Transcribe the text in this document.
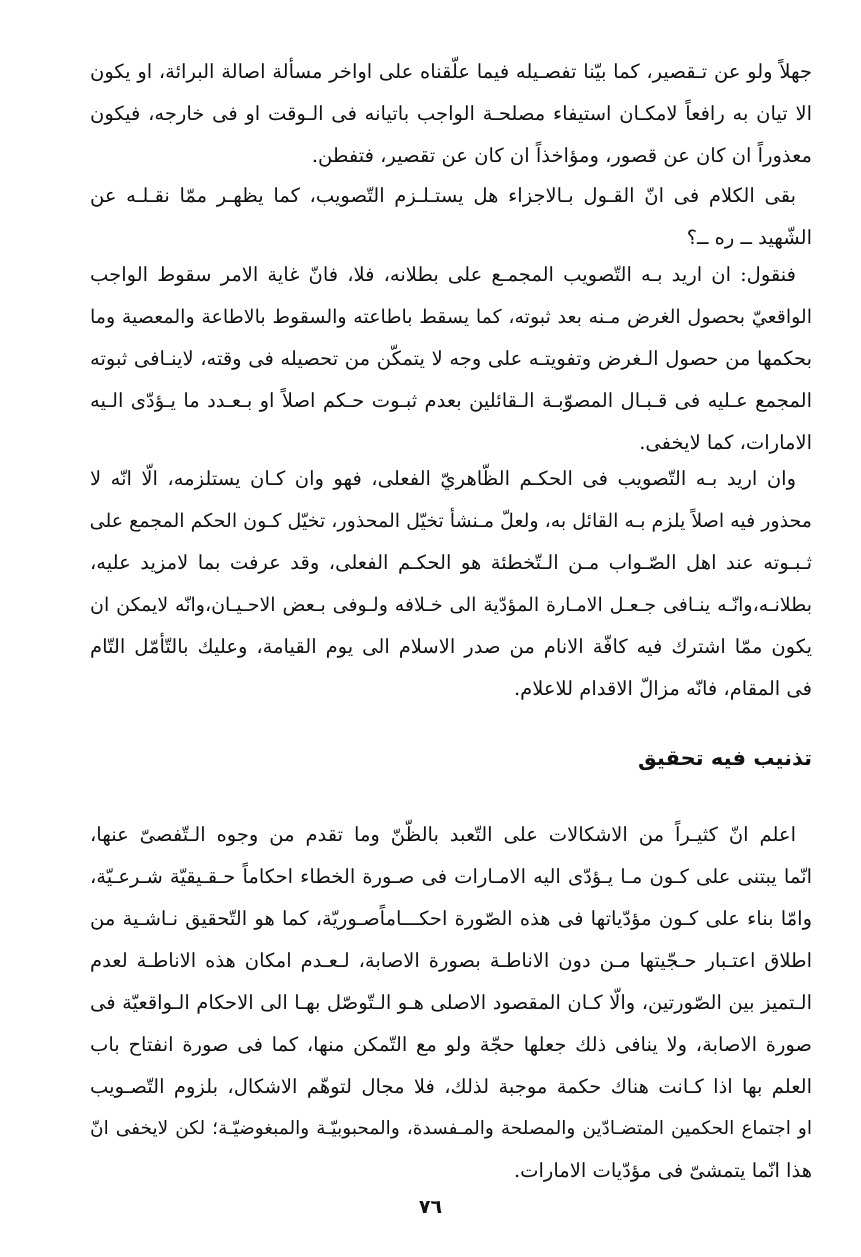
جهلاً ولو عن تـقصير، كما بيّنا تفصـيله فيما علّقناه على اواخر مسألة اصالة البرائة، او يكون
الا تيان به رافعاً لامكـان استيفاء مصلحـة الواجب باتيانه فى الـوقت او فى خارجه، فيكون
معذوراً ان كان عن قصور، ومؤاخذاً ان كان عن تقصير، فتفطن.
بقى الكلام فى انّ القـول بـالاجزاء هل يستـلـزم التّصويب، كما يظهـر ممّا نقـلـه عن
الشّهيد ــ ره ــ؟
فنقول: ان اريد بـه التّصويب المجمـع على بطلانه، فلا، فانّ غاية الامر سقوط الواجب
الواقعيّ بحصول الغرض مـنه بعد ثبوته، كما يسقط باطاعته والسقوط بالاطاعة والمعصية وما
بحكمها من حصول الـغرض وتفويتـه على وجه لا يتمكّن من تحصيله فى وقته، لاينـافى ثبوته
المجمع عـليه فى قـبـال المصوّبـة الـقائلين بعدم ثبـوت حـكم اصلاً او بـعـدد ما يـؤدّى الـيه
الامارات، كما لايخفى.
وان اريد بـه التّصويب فى الحكـم الظّاهريّ الفعلى، فهو وان كـان يستلزمه، الّا انّه لا
محذور فيه اصلاً يلزم بـه القائل به، ولعلّ مـنشأ تخيّل المحذور، تخيّل كـون الحكم المجمع على
ثـبـوته عند اهل الصّـواب مـن الـتّخطئة هو الحكـم الفعلى، وقد عرفت بما لامزيد عليه،
بطلانـه،وانّـه ينـافى جـعـل الامـارة المؤدّية الى خـلافه ولـوفى بـعض الاحـيـان،وانّه لايمكن ان
يكون ممّا اشترك فيه كافّة الانام من صدر الاسلام الى يوم القيامة، وعليك بالتّأمّل التّام
فى المقام، فانّه مزالّ الاقدام للاعلام.
تذنيب فيه تحقيق
اعلم انّ كثيـراً من الاشكالات على التّعبد بالظّنّ وما تقدم من وجوه الـتّفصىّ عنها،
انّما يبتنى على كـون مـا يـؤدّى اليه الامـارات فى صـورة الخطاء احكاماً حـقـيقيّة شـرعـيّة،
وامّا بناء على كـون مؤدّياتها فى هذه الصّورة احكـــاماًصـوريّة، كما هو التّحقيق نـاشـية من
اطلاق اعتـبار حـجّيتها مـن دون الاناطـة بصورة الاصابة، لـعـدم امكان هذه الاناطـة لعدم
الـتميز بين الصّورتين، والّا كـان المقصود الاصلى هـو الـتّوصّل بهـا الى الاحكام الـواقعيّة فى
صورة الاصابة، ولا ينافى ذلك جعلها حجّة ولو مع التّمكن منها، كما فى صورة انفتاح باب
العلم بها اذا كـانت هناك حكمة موجبة لذلك، فلا مجال لتوهّم الاشكال، بلزوم التّصـويب
او اجتماع الحكمين المتضـادّين والمصلحة والمـفسدة، والمحبوبيّـة والمبغوضيّـة؛ لكن لايخفى انّ
هذا انّما يتمشىّ فى مؤدّيات الامارات.
٧٦
